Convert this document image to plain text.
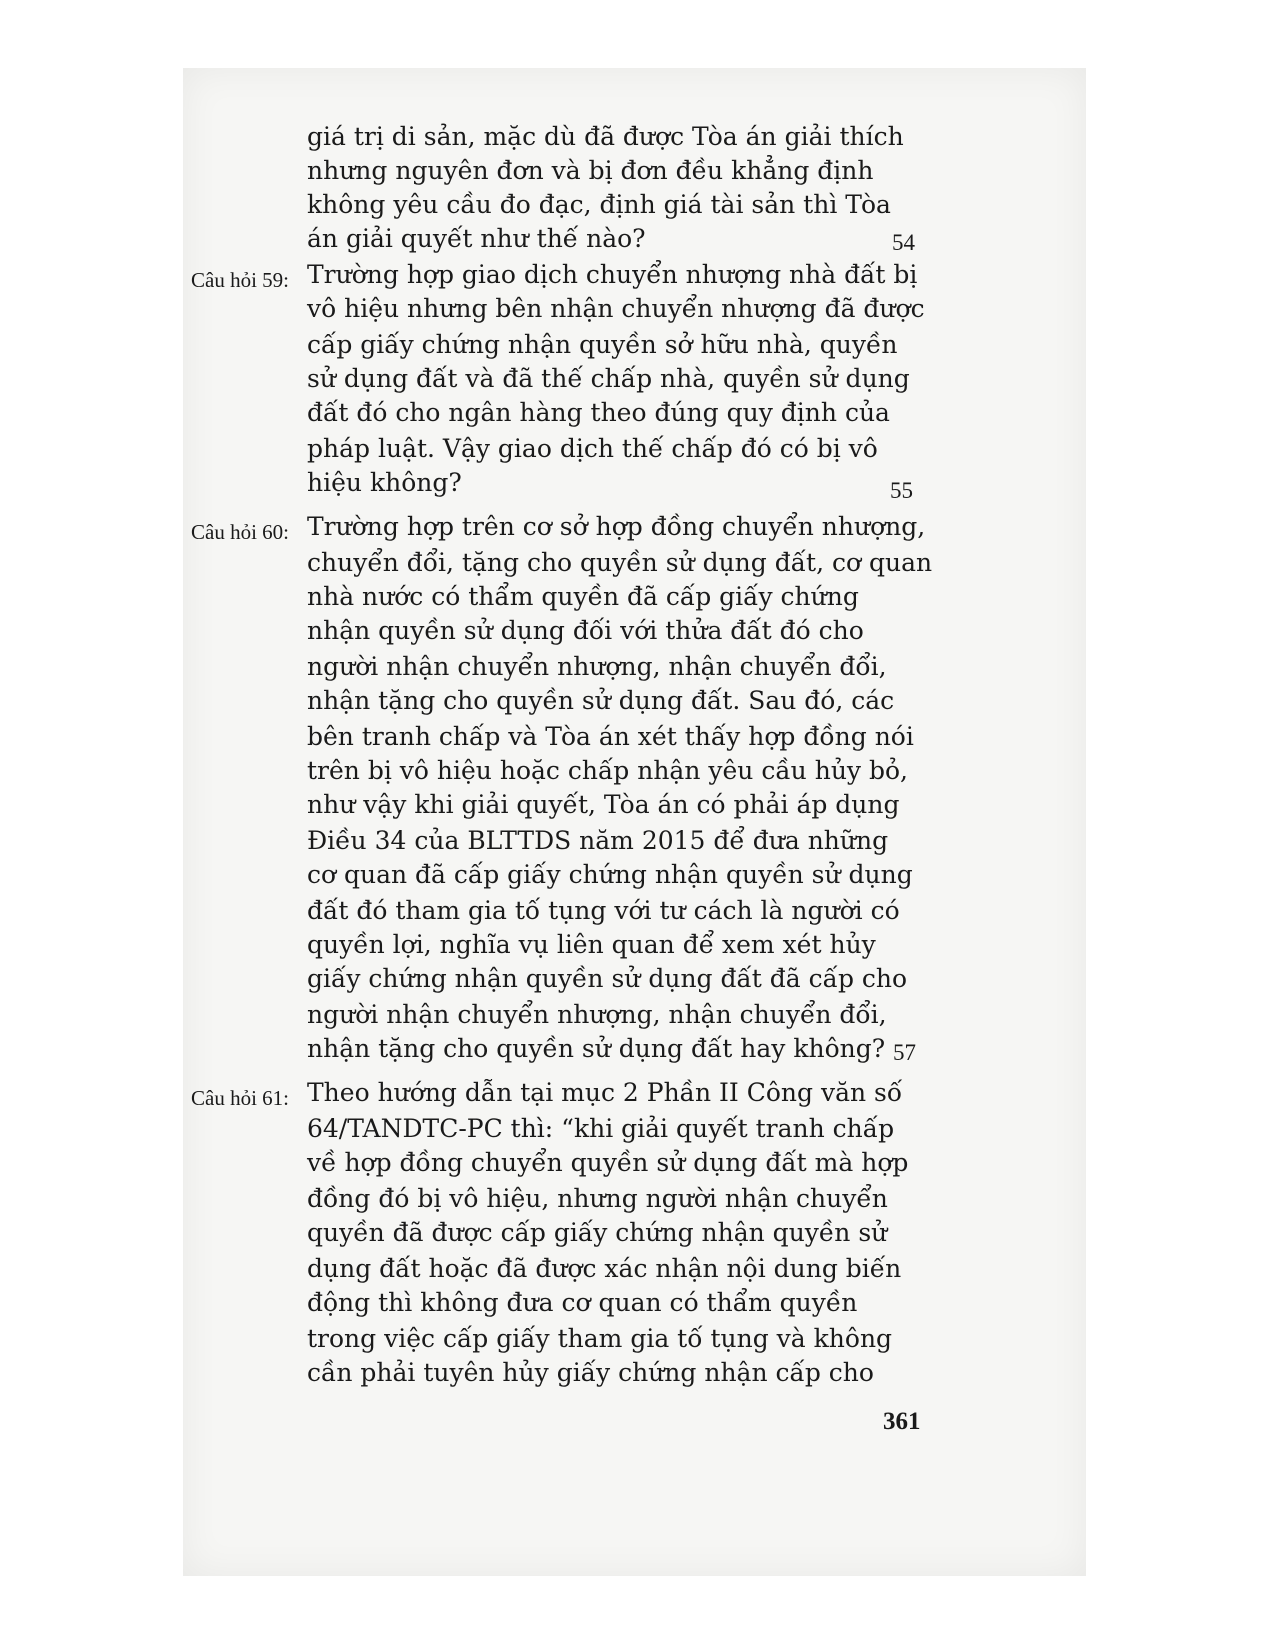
giá trị di sản, mặc dù đã được Tòa án giải thích
nhưng nguyên đơn và bị đơn đều khẳng định
không yêu cầu đo đạc, định giá tài sản thì Tòa
án giải quyết như thế nào?	54
Câu hỏi 59: Trường hợp giao dịch chuyển nhượng nhà đất bị
vô hiệu nhưng bên nhận chuyển nhượng đã được
cấp giấy chứng nhận quyền sở hữu nhà, quyền
sử dụng đất và đã thế chấp nhà, quyền sử dụng
đất đó cho ngân hàng theo đúng quy định của
pháp luật. Vậy giao dịch thế chấp đó có bị vô
hiệu không?	55
Câu hỏi 60: Trường hợp trên cơ sở hợp đồng chuyển nhượng,
chuyển đổi, tặng cho quyền sử dụng đất, cơ quan
nhà nước có thẩm quyền đã cấp giấy chứng
nhận quyền sử dụng đối với thửa đất đó cho
người nhận chuyển nhượng, nhận chuyển đổi,
nhận tặng cho quyền sử dụng đất. Sau đó, các
bên tranh chấp và Tòa án xét thấy hợp đồng nói
trên bị vô hiệu hoặc chấp nhận yêu cầu hủy bỏ,
như vậy khi giải quyết, Tòa án có phải áp dụng
Điều 34 của BLTTDS năm 2015 để đưa những
cơ quan đã cấp giấy chứng nhận quyền sử dụng
đất đó tham gia tố tụng với tư cách là người có
quyền lợi, nghĩa vụ liên quan để xem xét hủy
giấy chứng nhận quyền sử dụng đất đã cấp cho
người nhận chuyển nhượng, nhận chuyển đổi,
nhận tặng cho quyền sử dụng đất hay không? 57
Câu hỏi 61: Theo hướng dẫn tại mục 2 Phần II Công văn số
64/TANDTC-PC thì: “khi giải quyết tranh chấp
về hợp đồng chuyển quyền sử dụng đất mà hợp
đồng đó bị vô hiệu, nhưng người nhận chuyển
quyền đã được cấp giấy chứng nhận quyền sử
dụng đất hoặc đã được xác nhận nội dung biến
động thì không đưa cơ quan có thẩm quyền
trong việc cấp giấy tham gia tố tụng và không
cần phải tuyên hủy giấy chứng nhận cấp cho
361
